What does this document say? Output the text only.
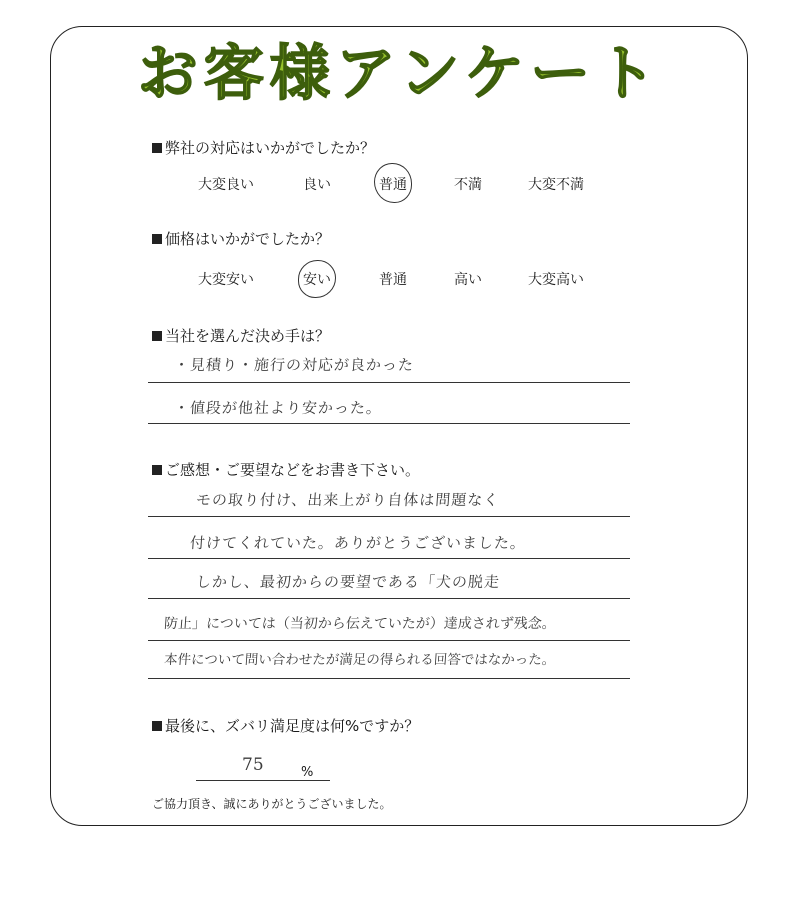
お客様アンケート
弊社の対応はいかがでしたか？
大変良い	良い	普通	不満	大変不満
価格はいかがでしたか？
大変安い	安い	普通	高い	大変高い
当社を選んだ決め手は？
・見積り・施行の対応が良かった
・値段が他社より安かった。
ご感想・ご要望などをお書き下さい。
モの取り付け、出来上がり自体は問題なく
付けてくれていた。ありがとうございました。
しかし、最初からの要望である「犬の脱走
防止」については（当初から伝えていたが）達成されず残念。
本件について問い合わせたが満足の得られる回答ではなかった。
最後に、ズバリ満足度は何%ですか？
75	%
ご協力頂き、誠にありがとうございました。
